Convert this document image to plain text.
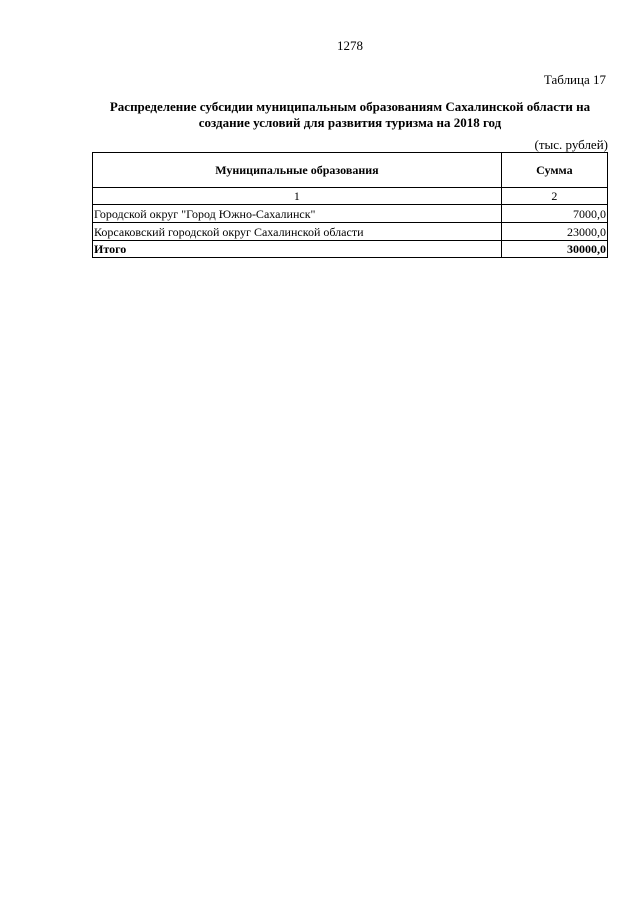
1278
Таблица 17
Распределение субсидии муниципальным образованиям Сахалинской области на
создание условий для развития туризма на 2018 год
(тыс. рублей)
Муниципальные образования	Сумма
1	2
Городской округ "Город Южно-Сахалинск"	7000,0
Корсаковский городской округ Сахалинской области	23000,0
Итого	30000,0
